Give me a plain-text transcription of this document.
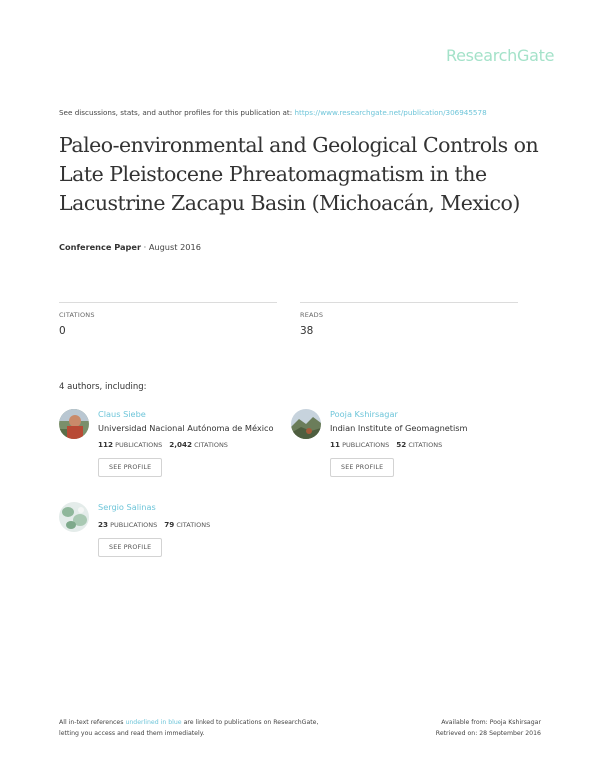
ResearchGate
See discussions, stats, and author profiles for this publication at: https://www.researchgate.net/publication/306945578
Paleo-environmental and Geological Controls on Late Pleistocene Phreatomagmatism in the Lacustrine Zacapu Basin (Michoacán, Mexico)
Conference Paper · August 2016
CITATIONS
0
READS
38
4 authors, including:
Claus Siebe
Universidad Nacional Autónoma de México
112 PUBLICATIONS 2,042 CITATIONS
SEE PROFILE
Pooja Kshirsagar
Indian Institute of Geomagnetism
11 PUBLICATIONS 52 CITATIONS
SEE PROFILE
Sergio Salinas
23 PUBLICATIONS 79 CITATIONS
SEE PROFILE
All in-text references underlined in blue are linked to publications on ResearchGate,
letting you access and read them immediately.
Available from: Pooja Kshirsagar
Retrieved on: 28 September 2016
